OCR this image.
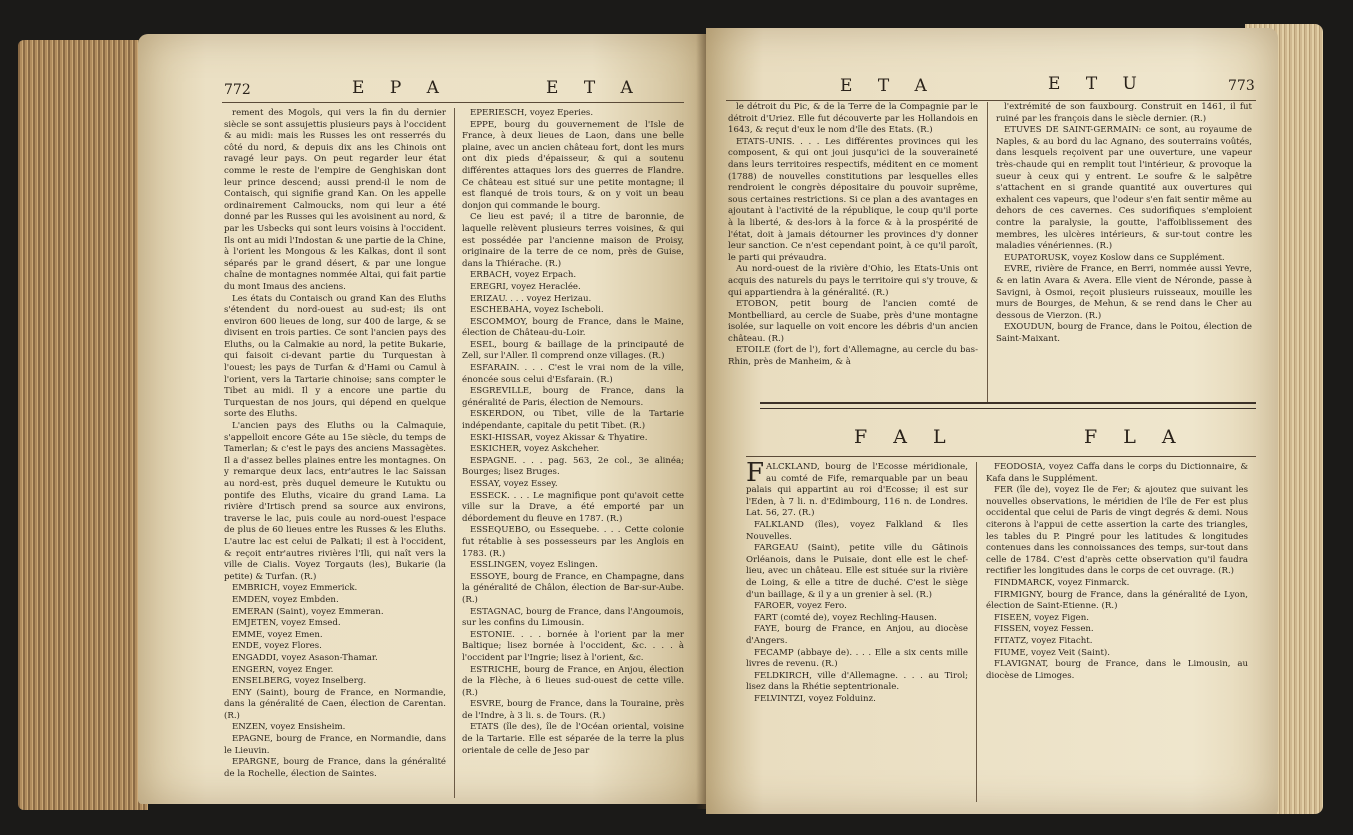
772	E P A	E T A

rement des Mogols, qui vers la fin du dernier siècle se sont assujettis plusieurs pays à l'occident & au midi: mais les Russes les ont resserrés du côté du nord, & depuis dix ans les Chinois ont ravagé leur pays. On peut regarder leur état comme le reste de l'empire de Genghiskan dont leur prince descend; aussi prend-il le nom de Contaisch, qui signifie grand Kan. On les appelle ordinairement Calmoucks, nom qui leur a été donné par les Russes qui les avoisinent au nord, & par les Usbecks qui sont leurs voisins à l'occident. Ils ont au midi l'Indostan & une partie de la Chine, à l'orient les Mongous & les Kalkas, dont il sont séparés par le grand désert, & par une longue chaîne de montagnes nommée Altai, qui fait partie du mont Imaus des anciens.

Les états du Contaisch ou grand Kan des Eluths s'étendent du nord-ouest au sud-est; ils ont environ 600 lieues de long, sur 400 de large, & se divisent en trois parties. Ce sont l'ancien pays des Eluths, ou la Calmakie au nord, la petite Bukarie, qui faisoit ci-devant partie du Turquestan à l'ouest; les pays de Turfan & d'Hami ou Camul à l'orient, vers la Tartarie chinoise; sans compter le Tibet au midi. Il y a encore une partie du Turquestan de nos jours, qui dépend en quelque sorte des Eluths.

L'ancien pays des Eluths ou la Calmaquie, s'appelloit encore Géte au 15e siècle, du temps de Tamerlan; & c'est le pays des anciens Massagètes. Il a d'assez belles plaines entre les montagnes. On y remarque deux lacs, entr'autres le lac Saissan au nord-est, près duquel demeure le Kutuktu ou pontife des Eluths, vicaire du grand Lama. La rivière d'Irtisch prend sa source aux environs, traverse le lac, puis coule au nord-ouest l'espace de plus de 60 lieues entre les Russes & les Eluths. L'autre lac est celui de Palkati; il est à l'occident, & reçoit entr'autres rivières l'Ili, qui naît vers la ville de Cialis. Voyez Torgauts (les), Bukarie (la petite) & Turfan. (R.)

EMBRICH, voyez Emmerick.

EMDEN, voyez Embden.

EMERAN (Saint), voyez Emmeran.

EMJETEN, voyez Emsed.

EMME, voyez Emen.

ENDE, voyez Flores.

ENGADDI, voyez Asason-Thamar.

ENGERN, voyez Enger.

ENSELBERG, voyez Inselberg.

ENY (Saint), bourg de France, en Normandie, dans la généralité de Caen, élection de Carentan. (R.)

ENZEN, voyez Ensisheim.

EPAGNE, bourg de France, en Normandie, dans le Lieuvin.

EPARGNE, bourg de France, dans la généralité de la Rochelle, élection de Saintes.

EPERIESCH, voyez Eperies.

EPPE, bourg du gouvernement de l'Isle de France, à deux lieues de Laon, dans une belle plaine, avec un ancien château fort, dont les murs ont dix pieds d'épaisseur, & qui a soutenu différentes attaques lors des guerres de Flandre. Ce château est situé sur une petite montagne; il est flanqué de trois tours, & on y voit un beau donjon qui commande le bourg.

Ce lieu est pavé; il a titre de baronnie, de laquelle relèvent plusieurs terres voisines, & qui est possédée par l'ancienne maison de Proisy, originaire de la terre de ce nom, près de Guise, dans la Thiérache. (R.)

ERBACH, voyez Erpach.

EREGRI, voyez Heraclée.

ERIZAU. . . . voyez Herizau.

ESCHEBAHA, voyez Ischeboli.

ESCOMMOY, bourg de France, dans le Maine, élection de Château-du-Loir.

ESEL, bourg & baillage de la principauté de Zell, sur l'Aller. Il comprend onze villages. (R.)

ESFARAIN. . . . C'est le vrai nom de la ville, énoncée sous celui d'Esfarain. (R.)

ESGREVILLE, bourg de France, dans la généralité de Paris, élection de Nemours.

ESKERDON, ou Tibet, ville de la Tartarie indépendante, capitale du petit Tibet. (R.)

ESKI-HISSAR, voyez Akissar & Thyatire.

ESKICHER, voyez Askcheher.

ESPAGNE. . . . pag. 563, 2e col., 3e alinéa; Bourges; lisez Bruges.

ESSAY, voyez Essey.

ESSECK. . . . Le magnifique pont qu'avoit cette ville sur la Drave, a été emporté par un débordement du fleuve en 1787. (R.)

ESSEQUEBO, ou Essequebe. . . . Cette colonie fut rétablie à ses possesseurs par les Anglois en 1783. (R.)

ESSLINGEN, voyez Eslingen.

ESSOYE, bourg de France, en Champagne, dans la généralité de Châlon, élection de Bar-sur-Aube. (R.)

ESTAGNAC, bourg de France, dans l'Angoumois, sur les confins du Limousin.

ESTONIE. . . . bornée à l'orient par la mer Baltique; lisez bornée à l'occident, &c. . . . à l'occident par l'Ingrie; lisez à l'orient, &c.

ESTRICHE, bourg de France, en Anjou, élection de la Flèche, à 6 lieues sud-ouest de cette ville. (R.)

ESVRE, bourg de France, dans la Touraine, près de l'Indre, à 3 li. s. de Tours. (R.)

ETATS (île des), île de l'Océan oriental, voisine de la Tartarie. Elle est séparée de la terre la plus orientale de celle de Jeso par

E T A	E T U	773

le détroit du Pic, & de la Terre de la Compagnie par le détroit d'Uriez. Elle fut découverte par les Hollandois en 1643, & reçut d'eux le nom d'île des Etats. (R.)

ETATS-UNIS. . . . Les différentes provinces qui les composent, & qui ont joui jusqu'ici de la souveraineté dans leurs territoires respectifs, méditent en ce moment (1788) de nouvelles constitutions par lesquelles elles rendroient le congrès dépositaire du pouvoir suprême, sous certaines restrictions. Si ce plan a des avantages en ajoutant à l'activité de la république, le coup qu'il porte à la liberté, & des-lors à la force & à la prospérité de l'état, doit à jamais détourner les provinces d'y donner leur sanction. Ce n'est cependant point, à ce qu'il paroît, le parti qui prévaudra.

Au nord-ouest de la rivière d'Ohio, les Etats-Unis ont acquis des naturels du pays le territoire qui s'y trouve, & qui appartiendra à la généralité. (R.)

ETOBON, petit bourg de l'ancien comté de Montbelliard, au cercle de Suabe, près d'une montagne isolée, sur laquelle on voit encore les débris d'un ancien château. (R.)

ETOILE (fort de l'), fort d'Allemagne, au cercle du bas-Rhin, près de Manheim, & à

l'extrémité de son fauxbourg. Construit en 1461, il fut ruiné par les françois dans le siècle dernier. (R.)

ETUVES DE SAINT-GERMAIN: ce sont, au royaume de Naples, & au bord du lac Agnano, des souterrains voûtés, dans lesquels reçoivent par une ouverture, une vapeur très-chaude qui en remplit tout l'intérieur, & provoque la sueur à ceux qui y entrent. Le soufre & le salpêtre s'attachent en si grande quantité aux ouvertures qui exhalent ces vapeurs, que l'odeur s'en fait sentir même au dehors de ces cavernes. Ces sudorifiques s'emploient contre la paralysie, la goutte, l'affoiblissement des membres, les ulcères intérieurs, & sur-tout contre les maladies vénériennes. (R.)

EUPATORUSK, voyez Koslow dans ce Supplément.

EVRE, rivière de France, en Berri, nommée aussi Yevre, & en latin Avara & Avera. Elle vient de Néronde, passe à Savigni, à Osmoi, reçoit plusieurs ruisseaux, mouille les murs de Bourges, de Mehun, & se rend dans le Cher au dessous de Vierzon. (R.)

EXOUDUN, bourg de France, dans le Poitou, élection de Saint-Maixant.

F A L	F L A

FALCKLAND, bourg de l'Ecosse méridionale, au comté de Fife, remarquable par un beau palais qui appartint au roi d'Ecosse; il est sur l'Eden, à 7 li. n. d'Edimbourg, 116 n. de Londres. Lat. 56, 27. (R.)

FALKLAND (îles), voyez Falkland & Iles Nouvelles.

FARGEAU (Saint), petite ville du Gâtinois Orléanois, dans le Puisaie, dont elle est le chef-lieu, avec un château. Elle est située sur la rivière de Loing, & elle a titre de duché. C'est le siège d'un baillage, & il y a un grenier à sel. (R.)

FAROER, voyez Fero.

FART (comté de), voyez Rechling-Hausen.

FAYE, bourg de France, en Anjou, au diocèse d'Angers.

FECAMP (abbaye de). . . . Elle a six cents mille livres de revenu. (R.)

FELDKIRCH, ville d'Allemagne. . . . au Tirol; lisez dans la Rhétie septentrionale.

FELVINTZI, voyez Folduinz.

FEODOSIA, voyez Caffa dans le corps du Dictionnaire, & Kafa dans le Supplément.

FER (île de), voyez Ile de Fer; & ajoutez que suivant les nouvelles observations, le méridien de l'île de Fer est plus occidental que celui de Paris de vingt degrés & demi. Nous citerons à l'appui de cette assertion la carte des triangles, les tables du P. Pingré pour les latitudes & longitudes contenues dans les connoissances des temps, sur-tout dans celle de 1784. C'est d'après cette observation qu'il faudra rectifier les longitudes dans le corps de cet ouvrage. (R.)

FINDMARCK, voyez Finmarck.

FIRMIGNY, bourg de France, dans la généralité de Lyon, élection de Saint-Etienne. (R.)

FISEEN, voyez Figen.

FISSEN, voyez Fessen.

FITATZ, voyez Fitacht.

FIUME, voyez Veit (Saint).

FLAVIGNAT, bourg de France, dans le Limousin, au diocèse de Limoges.
